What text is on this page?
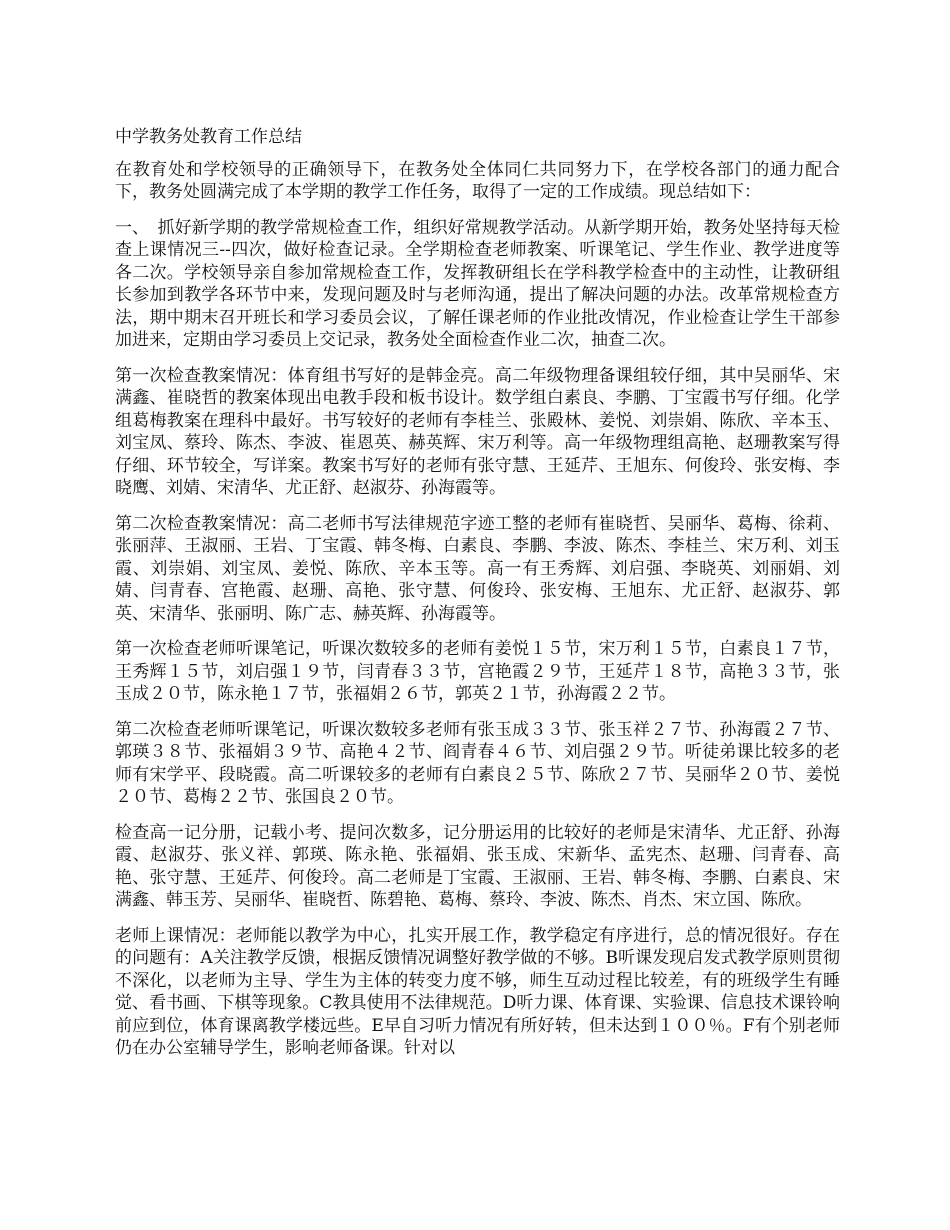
中学教务处教育工作总结

在教育处和学校领导的正确领导下，在教务处全体同仁共同努力下，在学校各部门的通力配合下，教务处圆满完成了本学期的教学工作任务，取得了一定的工作成绩。现总结如下：

一、　抓好新学期的教学常规检查工作，组织好常规教学活动。从新学期开始，教务处坚持每天检查上课情况三--四次，做好检查记录。全学期检查老师教案、听课笔记、学生作业、教学进度等各二次。学校领导亲自参加常规检查工作，发挥教研组长在学科教学检查中的主动性，让教研组长参加到教学各环节中来，发现问题及时与老师沟通，提出了解决问题的办法。改革常规检查方法，期中期末召开班长和学习委员会议，了解任课老师的作业批改情况，作业检查让学生干部参加进来，定期由学习委员上交记录，教务处全面检查作业二次，抽查二次。

第一次检查教案情况：体育组书写好的是韩金亮。高二年级物理备课组较仔细，其中吴丽华、宋满鑫、崔晓哲的教案体现出电教手段和板书设计。数学组白素良、李鹏、丁宝霞书写仔细。化学组葛梅教案在理科中最好。书写较好的老师有李桂兰、张殿林、姜悦、刘崇娟、陈欣、辛本玉、刘宝凤、蔡玲、陈杰、李波、崔恩英、赫英辉、宋万利等。高一年级物理组高艳、赵珊教案写得仔细、环节较全，写详案。教案书写好的老师有张守慧、王延芹、王旭东、何俊玲、张安梅、李晓鹰、刘婧、宋清华、尤正舒、赵淑芬、孙海霞等。

第二次检查教案情况：高二老师书写法律规范字迹工整的老师有崔晓哲、吴丽华、葛梅、徐莉、张丽萍、王淑丽、王岩、丁宝霞、韩冬梅、白素良、李鹏、李波、陈杰、李桂兰、宋万利、刘玉霞、刘崇娟、刘宝凤、姜悦、陈欣、辛本玉等。高一有王秀辉、刘启强、李晓英、刘丽娟、刘婧、闫青春、宫艳霞、赵珊、高艳、张守慧、何俊玲、张安梅、王旭东、尤正舒、赵淑芬、郭英、宋清华、张丽明、陈广志、赫英辉、孙海霞等。

第一次检查老师听课笔记，听课次数较多的老师有姜悦１５节，宋万利１５节，白素良１７节，王秀辉１５节，刘启强１９节，闫青春３３节，宫艳霞２９节，王延芹１８节，高艳３３节，张玉成２０节，陈永艳１７节，张福娟２６节，郭英２１节，孙海霞２２节。

第二次检查老师听课笔记，听课次数较多老师有张玉成３３节、张玉祥２７节、孙海霞２７节、郭瑛３８节、张福娟３９节、高艳４２节、阎青春４６节、刘启强２９节。听徒弟课比较多的老师有宋学平、段晓霞。高二听课较多的老师有白素良２５节、陈欣２７节、吴丽华２０节、姜悦２０节、葛梅２２节、张国良２０节。

检查高一记分册，记载小考、提问次数多，记分册运用的比较好的老师是宋清华、尤正舒、孙海霞、赵淑芬、张义祥、郭瑛、陈永艳、张福娟、张玉成、宋新华、孟宪杰、赵珊、闫青春、高艳、张守慧、王延芹、何俊玲。高二老师是丁宝霞、王淑丽、王岩、韩冬梅、李鹏、白素良、宋满鑫、韩玉芳、吴丽华、崔晓哲、陈碧艳、葛梅、蔡玲、李波、陈杰、肖杰、宋立国、陈欣。

老师上课情况：老师能以教学为中心，扎实开展工作，教学稳定有序进行，总的情况很好。存在的问题有：A关注教学反馈，根据反馈情况调整好教学做的不够。B听课发现启发式教学原则贯彻不深化，以老师为主导、学生为主体的转变力度不够，师生互动过程比较差，有的班级学生有睡觉、看书画、下棋等现象。C教具使用不法律规范。D听力课、体育课、实验课、信息技术课铃响前应到位，体育课离教学楼远些。E早自习听力情况有所好转，但未达到１００％。F有个别老师仍在办公室辅导学生，影响老师备课。针对以
